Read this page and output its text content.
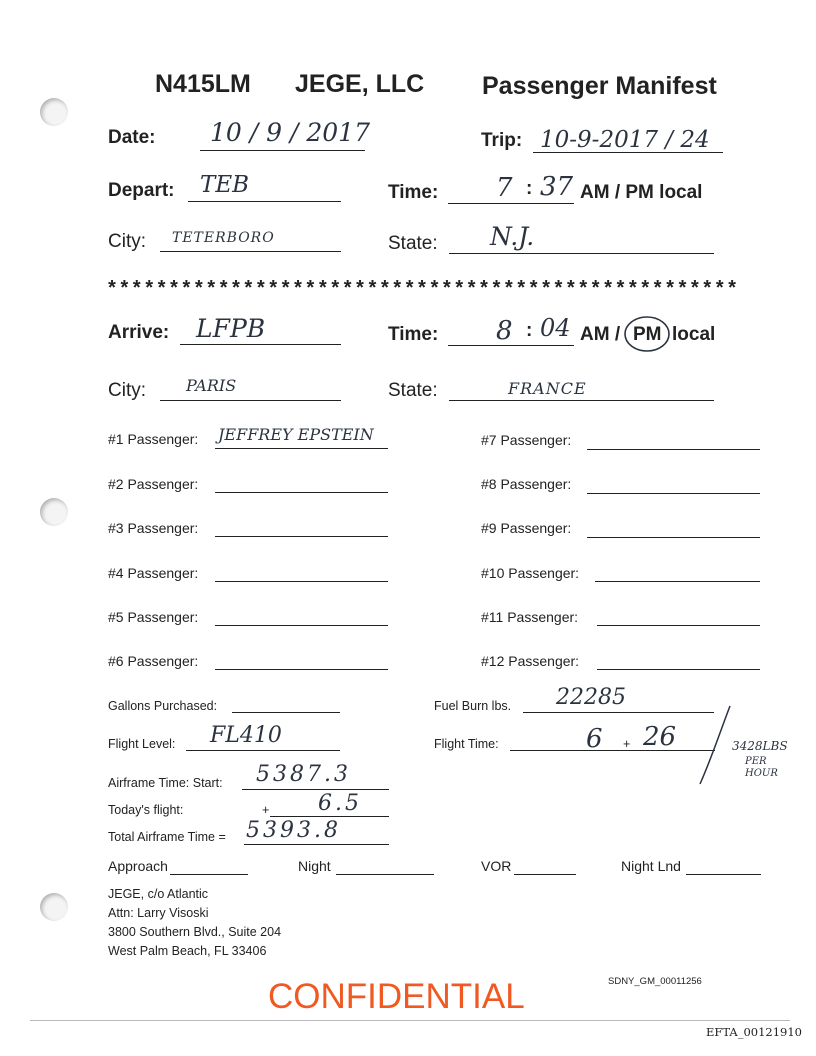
N415LM JEGE, LLC Passenger Manifest
Date: 10 / 9 / 2017	Trip: 10-9-2017 / 24
Depart: TEB	Time: 7 : 37 AM / PM local
City: TETERBORO	State: N.J.
***************************************************
Arrive: LFPB	Time: 8 : 04 AM / PM local
City:	PARIS	State:	FRANCE
#1 Passenger: JEFFREY EPSTEIN
#2 Passenger:
#3 Passenger:
#4 Passenger:
#5 Passenger:
#6 Passenger:
#7 Passenger:
#8 Passenger:
#9 Passenger:
#10 Passenger:
#11 Passenger:
#12 Passenger:
Gallons Purchased:	Fuel Burn lbs. 22285
Flight Level: FL410	Flight Time:	6 + 26	3428LBS
PER
HOUR
Airframe Time: Start: 5387.3
Today's flight:	+ 6.5
Total Airframe Time = 5393.8
Approach	Night	VOR	Night Lnd
JEGE, c/o Atlantic
Attn: Larry Visoski
3800 Southern Blvd., Suite 204
West Palm Beach, FL 33406
CONFIDENTIAL	SDNY_GM_00011256
EFTA_00121910
